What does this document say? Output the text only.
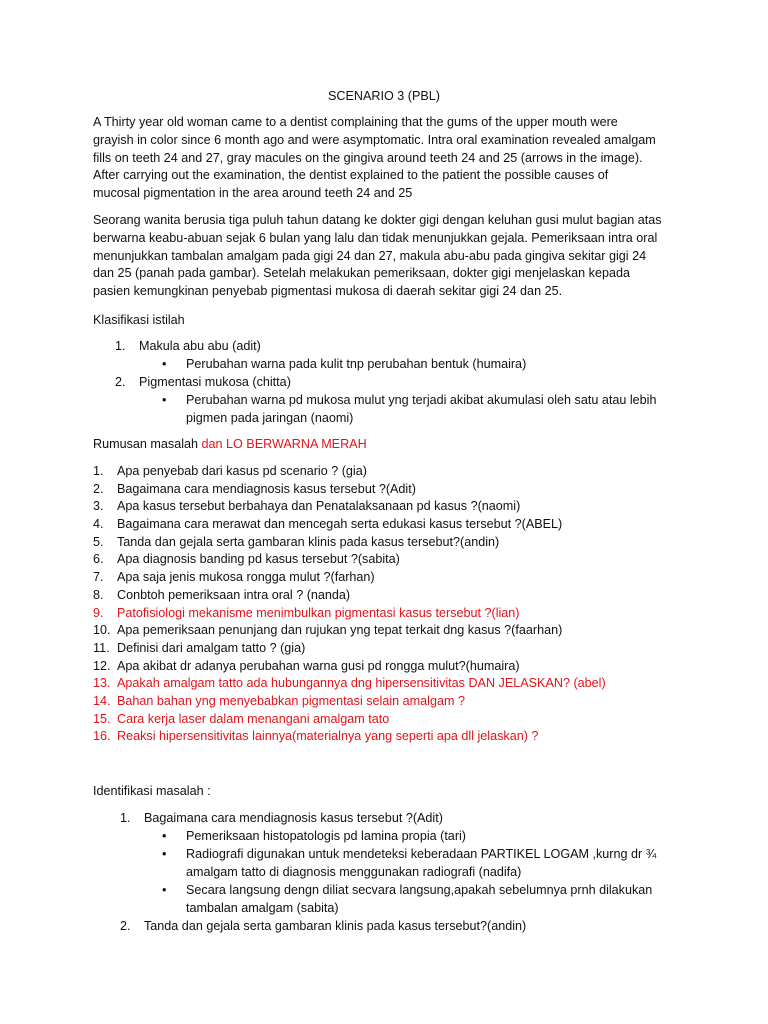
SCENARIO 3 (PBL)
A Thirty year old woman came to a dentist complaining that the gums of the upper mouth were
grayish in color since 6 month ago and were asymptomatic. Intra oral examination revealed amalgam
fills on teeth 24 and 27, gray macules on the gingiva around teeth 24 and 25 (arrows in the image).
After carrying out the examination, the dentist explained to the patient the possible causes of
mucosal pigmentation in the area around teeth 24 and 25
Seorang wanita berusia tiga puluh tahun datang ke dokter gigi dengan keluhan gusi mulut bagian atas
berwarna keabu-abuan sejak 6 bulan yang lalu dan tidak menunjukkan gejala. Pemeriksaan intra oral
menunjukkan tambalan amalgam pada gigi 24 dan 27, makula abu-abu pada gingiva sekitar gigi 24
dan 25 (panah pada gambar). Setelah melakukan pemeriksaan, dokter gigi menjelaskan kepada
pasien kemungkinan penyebab pigmentasi mukosa di daerah sekitar gigi 24 dan 25.
Klasifikasi istilah
1. Makula abu abu (adit)
• Perubahan warna pada kulit tnp perubahan bentuk (humaira)
2. Pigmentasi mukosa (chitta)
• Perubahan warna pd mukosa mulut yng terjadi akibat akumulasi oleh satu atau lebih
pigmen pada jaringan (naomi)
Rumusan masalah dan LO BERWARNA MERAH
1. Apa penyebab dari kasus pd scenario ? (gia)
2. Bagaimana cara mendiagnosis kasus tersebut ?(Adit)
3. Apa kasus tersebut berbahaya dan Penatalaksanaan pd kasus ?(naomi)
4. Bagaimana cara merawat dan mencegah serta edukasi kasus tersebut ?(ABEL)
5. Tanda dan gejala serta gambaran klinis pada kasus tersebut?(andin)
6. Apa diagnosis banding pd kasus tersebut ?(sabita)
7. Apa saja jenis mukosa rongga mulut ?(farhan)
8. Conbtoh pemeriksaan intra oral ? (nanda)
9. Patofisiologi mekanisme menimbulkan pigmentasi kasus tersebut ?(lian)
10. Apa pemeriksaan penunjang dan rujukan yng tepat terkait dng kasus ?(faarhan)
11. Definisi dari amalgam tatto ? (gia)
12. Apa akibat dr adanya perubahan warna gusi pd rongga mulut?(humaira)
13. Apakah amalgam tatto ada hubungannya dng hipersensitivitas DAN JELASKAN? (abel)
14. Bahan bahan yng menyebabkan pigmentasi selain amalgam ?
15. Cara kerja laser dalam menangani amalgam tato
16. Reaksi hipersensitivitas lainnya(materialnya yang seperti apa dll jelaskan) ?
Identifikasi masalah :
1. Bagaimana cara mendiagnosis kasus tersebut ?(Adit)
• Pemeriksaan histopatologis pd lamina propia (tari)
• Radiografi digunakan untuk mendeteksi keberadaan PARTIKEL LOGAM ,kurng dr ¾
amalgam tatto di diagnosis menggunakan radiografi (nadifa)
• Secara langsung dengn diliat secvara langsung,apakah sebelumnya prnh dilakukan
tambalan amalgam (sabita)
2. Tanda dan gejala serta gambaran klinis pada kasus tersebut?(andin)
